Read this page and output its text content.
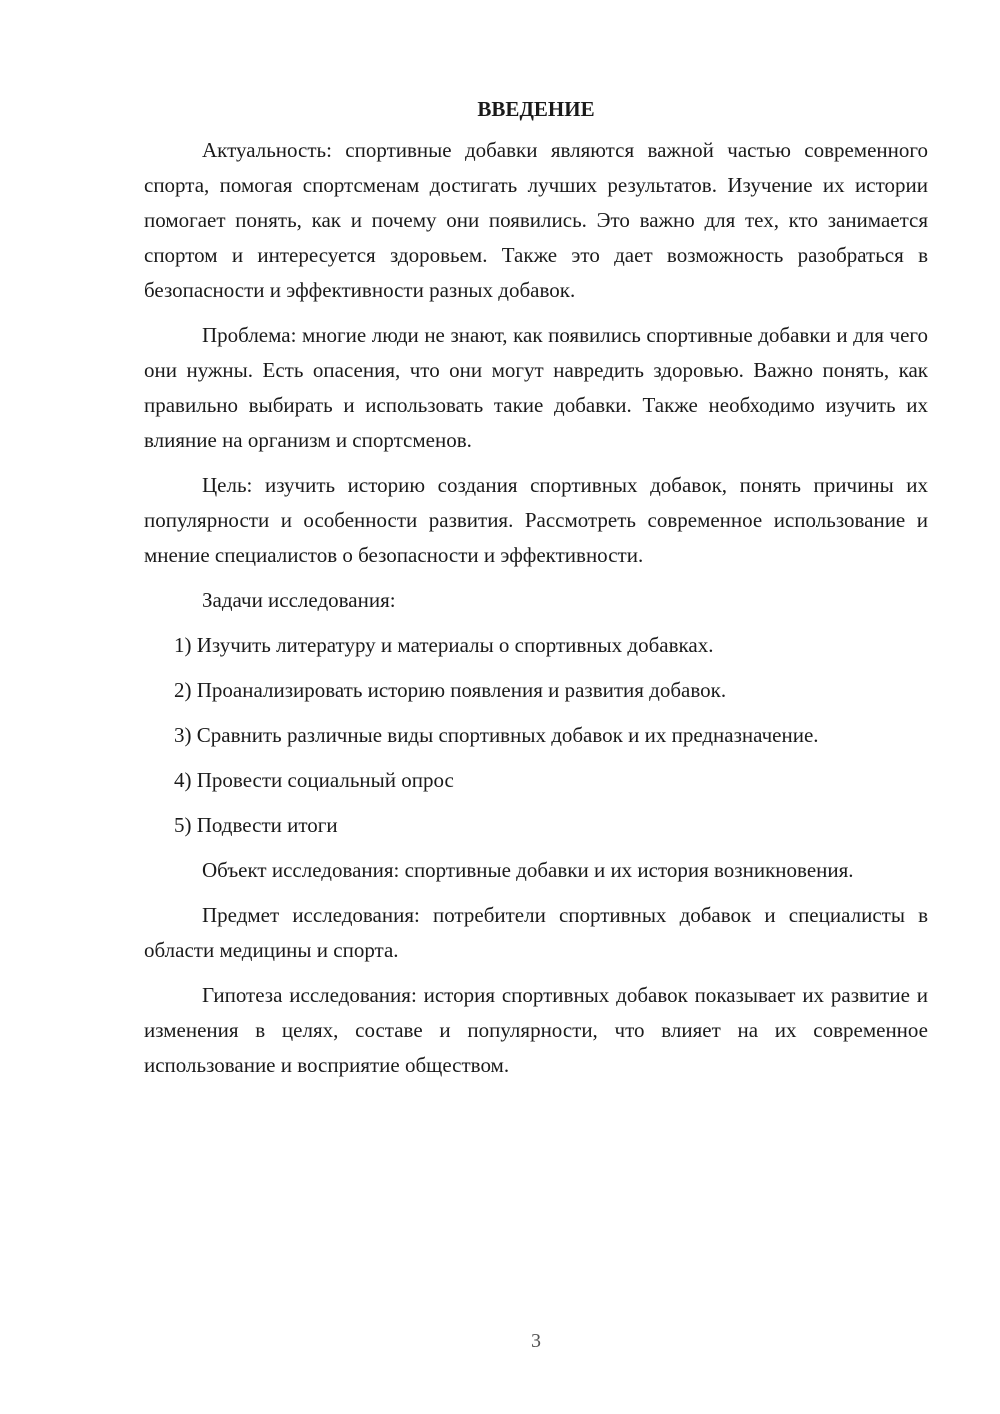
ВВЕДЕНИЕ

Актуальность: спортивные добавки являются важной частью современного спорта, помогая спортсменам достигать лучших результатов. Изучение их истории помогает понять, как и почему они появились. Это важно для тех, кто занимается спортом и интересуется здоровьем. Также это дает возможность разобраться в безопасности и эффективности разных добавок.

Проблема: многие люди не знают, как появились спортивные добавки и для чего они нужны. Есть опасения, что они могут навредить здоровью. Важно понять, как правильно выбирать и использовать такие добавки. Также необходимо изучить их влияние на организм и спортсменов.

Цель: изучить историю создания спортивных добавок, понять причины их популярности и особенности развития. Рассмотреть современное использование и мнение специалистов о безопасности и эффективности.

Задачи исследования:

1) Изучить литературу и материалы о спортивных добавках.

2) Проанализировать историю появления и развития добавок.

3) Сравнить различные виды спортивных добавок и их предназначение.

4) Провести социальный опрос

5) Подвести итоги

Объект исследования: спортивные добавки и их история возникновения.

Предмет исследования: потребители спортивных добавок и специалисты в области медицины и спорта.

Гипотеза исследования: история спортивных добавок показывает их развитие и изменения в целях, составе и популярности, что влияет на их современное использование и восприятие обществом.

3
